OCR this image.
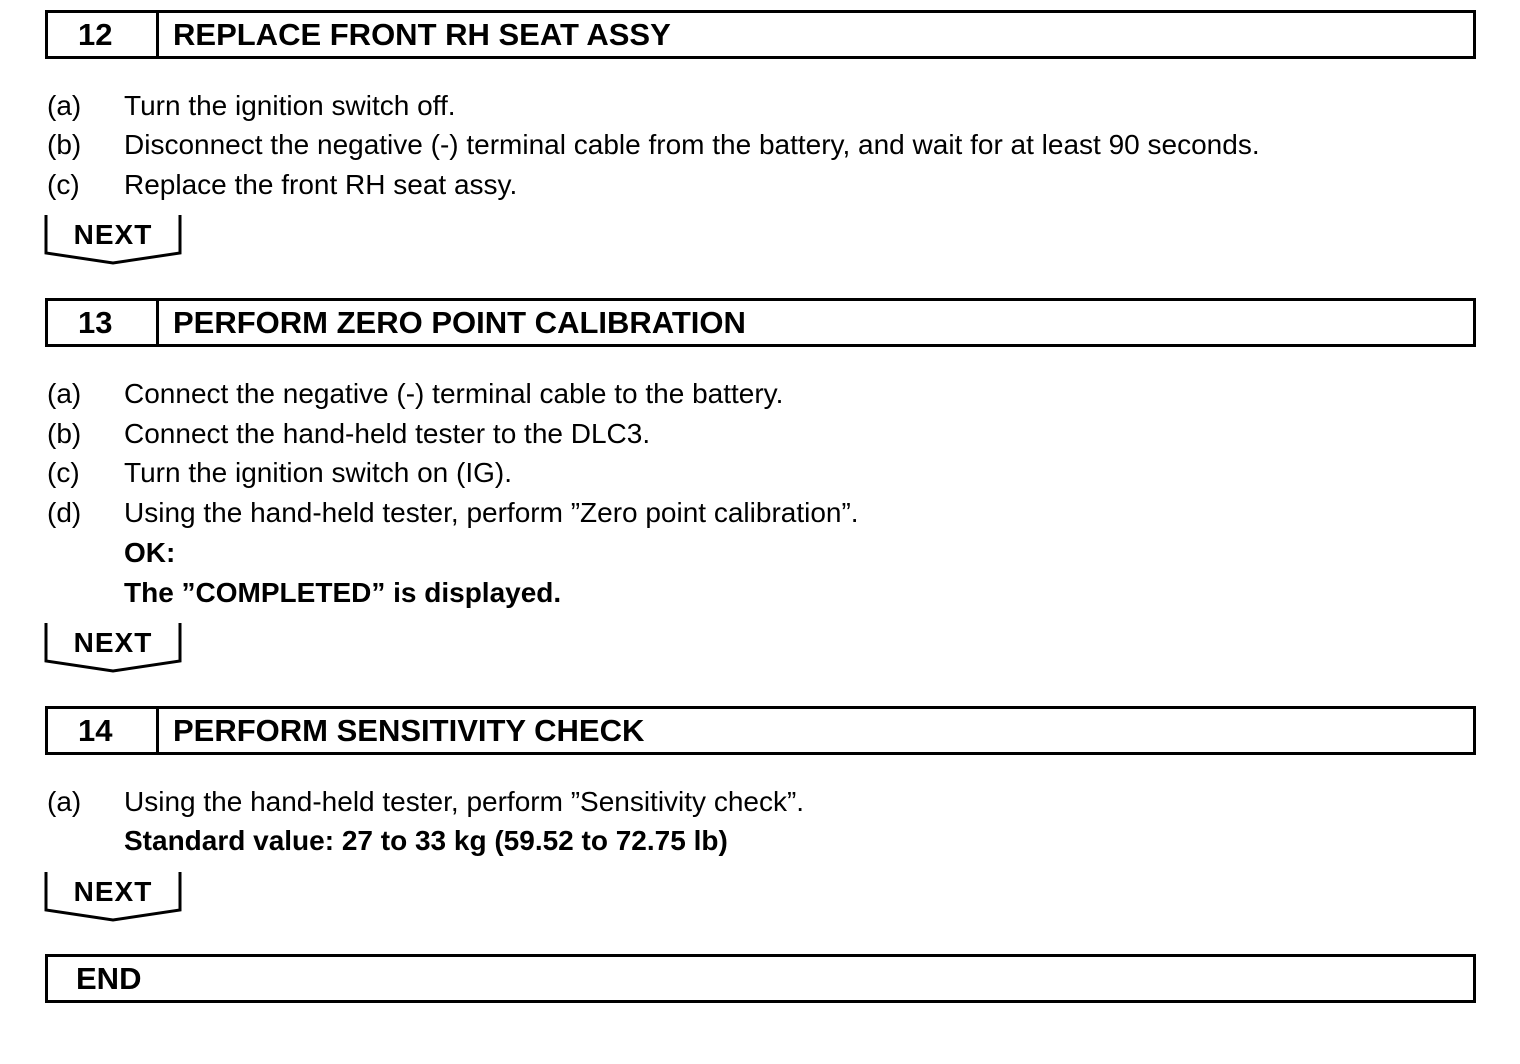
12	REPLACE FRONT RH SEAT ASSY
(a) Turn the ignition switch off.
(b) Disconnect the negative (-) terminal cable from the battery, and wait for at least 90 seconds.
(c) Replace the front RH seat assy.
NEXT
13	PERFORM ZERO POINT CALIBRATION
(a) Connect the negative (-) terminal cable to the battery.
(b) Connect the hand-held tester to the DLC3.
(c) Turn the ignition switch on (IG).
(d) Using the hand-held tester, perform ”Zero point calibration”.
OK:
The ”COMPLETED” is displayed.
NEXT
14	PERFORM SENSITIVITY CHECK
(a) Using the hand-held tester, perform ”Sensitivity check”.
Standard value: 27 to 33 kg (59.52 to 72.75 lb)
NEXT
END
